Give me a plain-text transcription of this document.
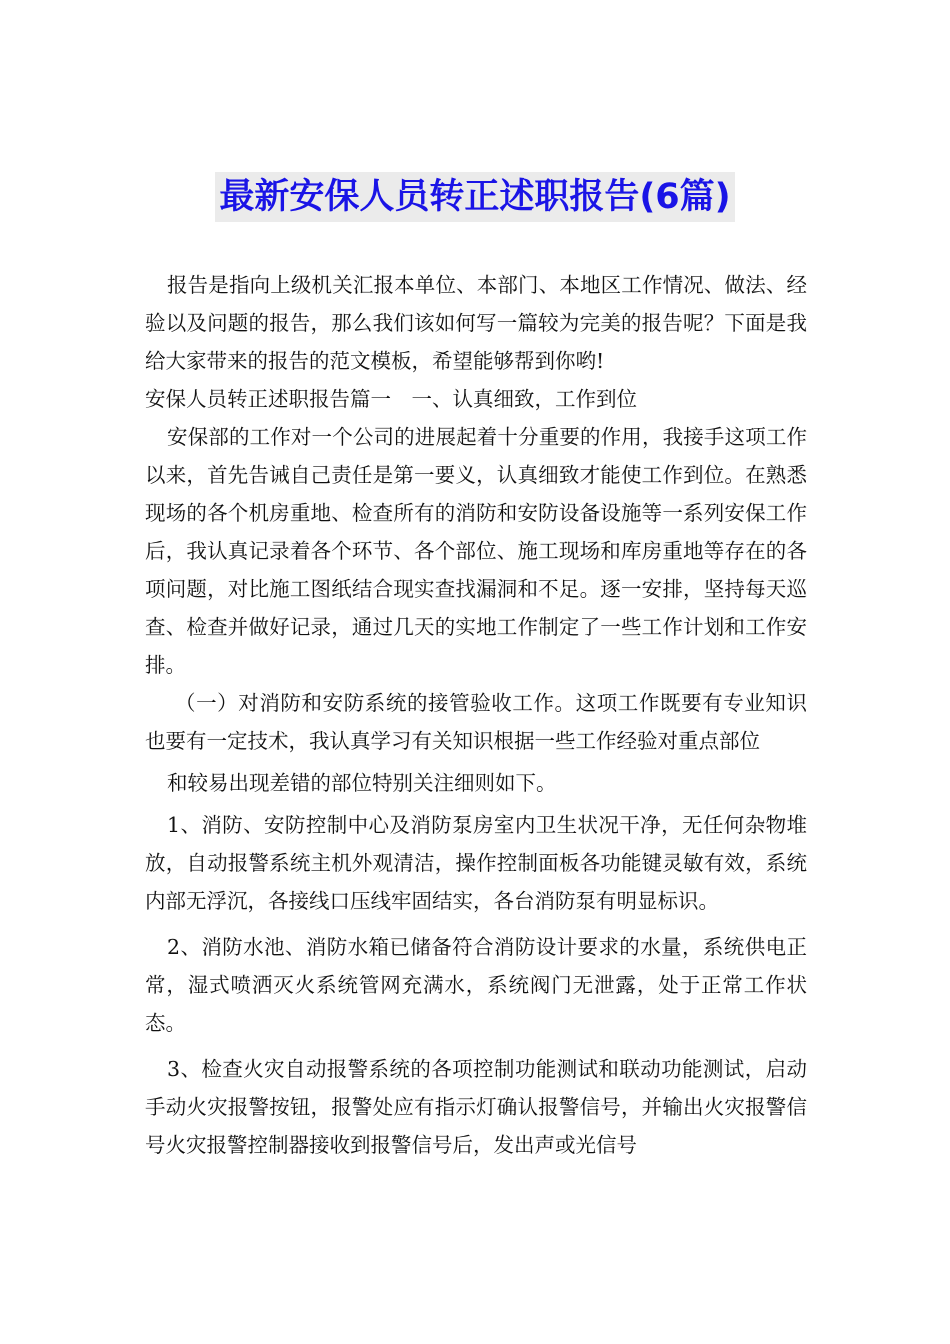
最新安保人员转正述职报告(6篇)

报告是指向上级机关汇报本单位、本部门、本地区工作情况、做法、经验以及问题的报告，那么我们该如何写一篇较为完美的报告呢？下面是我给大家带来的报告的范文模板，希望能够帮到你哟!

安保人员转正述职报告篇一　一、认真细致，工作到位

安保部的工作对一个公司的进展起着十分重要的作用，我接手这项工作以来，首先告诫自己责任是第一要义，认真细致才能使工作到位。在熟悉现场的各个机房重地、检查所有的消防和安防设备设施等一系列安保工作后，我认真记录着各个环节、各个部位、施工现场和库房重地等存在的各项问题，对比施工图纸结合现实查找漏洞和不足。逐一安排，坚持每天巡查、检查并做好记录，通过几天的实地工作制定了一些工作计划和工作安排。

（一）对消防和安防系统的接管验收工作。这项工作既要有专业知识也要有一定技术，我认真学习有关知识根据一些工作经验对重点部位

和较易出现差错的部位特别关注细则如下。

1、消防、安防控制中心及消防泵房室内卫生状况干净，无任何杂物堆放，自动报警系统主机外观清洁，操作控制面板各功能键灵敏有效，系统内部无浮沉，各接线口压线牢固结实，各台消防泵有明显标识。

2、消防水池、消防水箱已储备符合消防设计要求的水量，系统供电正常，湿式喷洒灭火系统管网充满水，系统阀门无泄露，处于正常工作状态。

3、检查火灾自动报警系统的各项控制功能测试和联动功能测试，启动手动火灾报警按钮，报警处应有指示灯确认报警信号，并输出火灾报警信号火灾报警控制器接收到报警信号后，发出声或光信号
